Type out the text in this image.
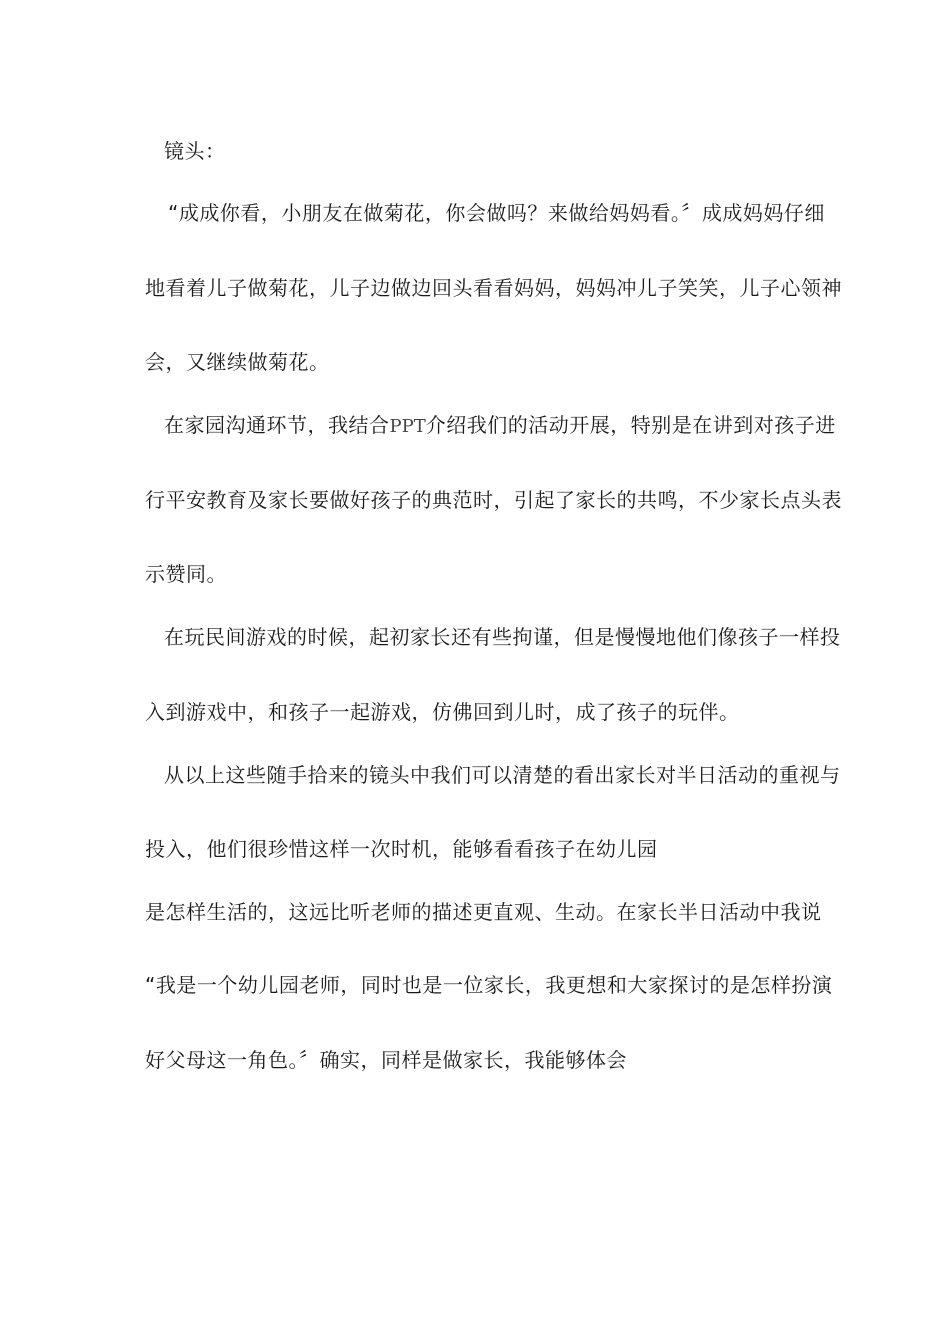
镜头：
“成成你看，小朋友在做菊花，你会做吗？来做给妈妈看。〞成成妈妈仔细
地看着儿子做菊花，儿子边做边回头看看妈妈，妈妈冲儿子笑笑，儿子心领神
会，又继续做菊花。
在家园沟通环节，我结合PPT介绍我们的活动开展，特别是在讲到对孩子进
行平安教育及家长要做好孩子的典范时，引起了家长的共鸣，不少家长点头表
示赞同。
在玩民间游戏的时候，起初家长还有些拘谨，但是慢慢地他们像孩子一样投
入到游戏中，和孩子一起游戏，仿佛回到儿时，成了孩子的玩伴。
从以上这些随手拾来的镜头中我们可以清楚的看出家长对半日活动的重视与
投入，他们很珍惜这样一次时机，能够看看孩子在幼儿园
是怎样生活的，这远比听老师的描述更直观、生动。在家长半日活动中我说
“我是一个幼儿园老师，同时也是一位家长，我更想和大家探讨的是怎样扮演
好父母这一角色。〞确实，同样是做家长，我能够体会
